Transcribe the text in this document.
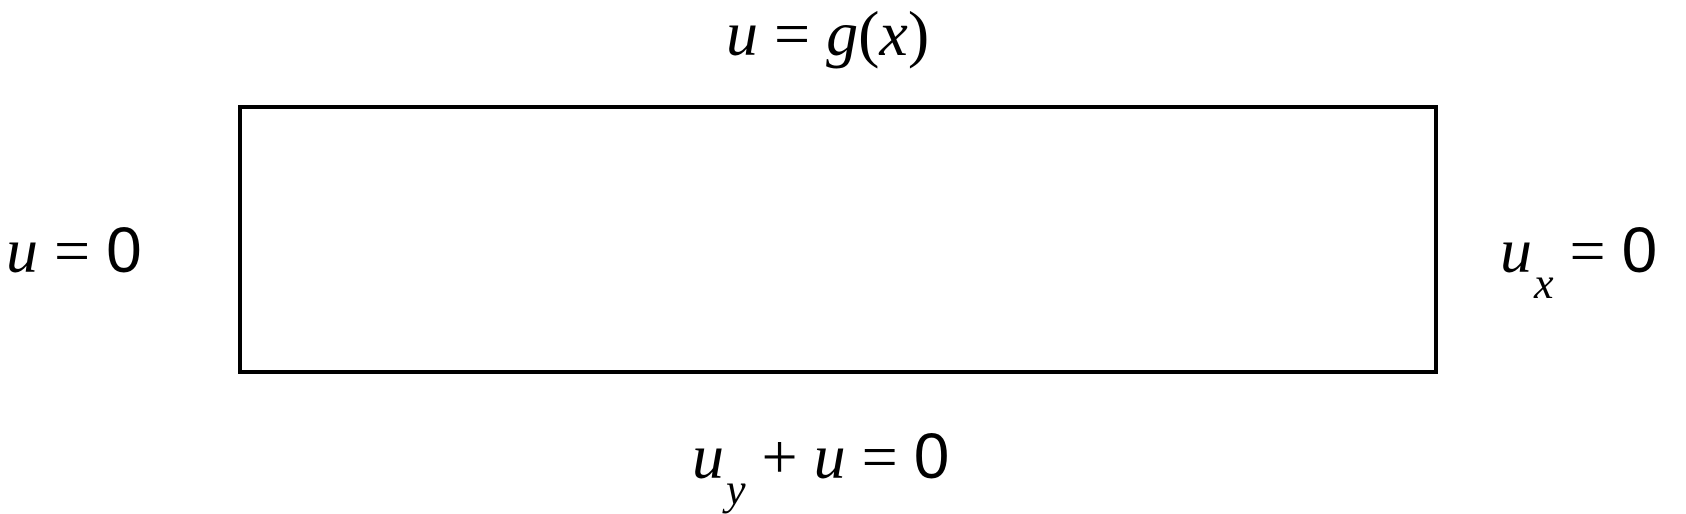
u = g(x)
u = 0	$u_x = 0$
$u_y + u = 0$
